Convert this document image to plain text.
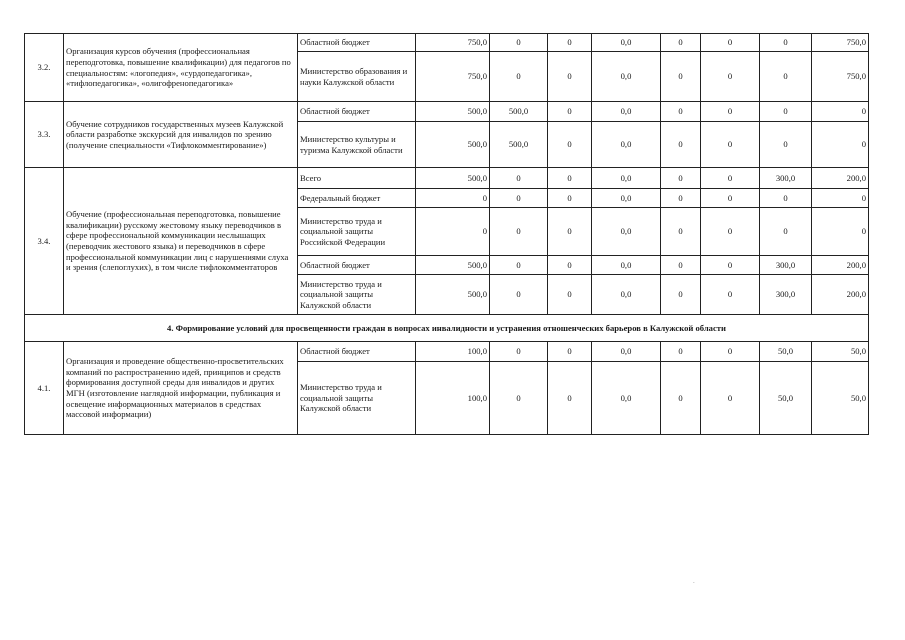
3.2.	Организация курсов обучения (профессиональная переподготовка, повышение квалификации) для педагогов по специальностям: «логопедия», «сурдопедагогика», «тифлопедагогика», «олигофренопедагогика»	Областной бюджет	750,0	0	0	0,0	0	0	0	750,0
		Министерство образования и науки Калужской области	750,0	0	0	0,0	0	0	0	750,0
3.3.	Обучение сотрудников государственных музеев Калужской области разработке экскурсий для инвалидов по зрению (получение специальности «Тифлокомментирование»)	Областной бюджет	500,0	500,0	0	0,0	0	0	0	0
		Министерство культуры и туризма Калужской области	500,0	500,0	0	0,0	0	0	0	0
3.4.	Обучение (профессиональная переподготовка, повышение квалификации) русскому жестовому языку переводчиков в сфере профессиональной коммуникации неслышащих (переводчик жестового языка) и переводчиков в сфере профессиональной коммуникации лиц с нарушениями слуха и зрения (слепоглухих), в том числе тифлокомментаторов	Всего	500,0	0	0	0,0	0	0	300,0	200,0
		Федеральный бюджет	0	0	0	0,0	0	0	0	0
		Министерство труда и социальной защиты Российской Федерации	0	0	0	0,0	0	0	0	0
		Областной бюджет	500,0	0	0	0,0	0	0	300,0	200,0
		Министерство труда и социальной защиты Калужской области	500,0	0	0	0,0	0	0	300,0	200,0
4. Формирование условий для просвещенности граждан в вопросах инвалидности и устранения отношенческих барьеров в Калужской области										
4.1.	Организация и проведение общественно-просветительских компаний по распространению идей, принципов и средств формирования доступной среды для инвалидов и других МГН (изготовление наглядной информации, публикация и освещение информационных материалов в средствах массовой информации)	Областной бюджет	100,0	0	0	0,0	0	0	50,0	50,0
		Министерство труда и социальной защиты Калужской области	100,0	0	0	0,0	0	0	50,0	50,0
.
